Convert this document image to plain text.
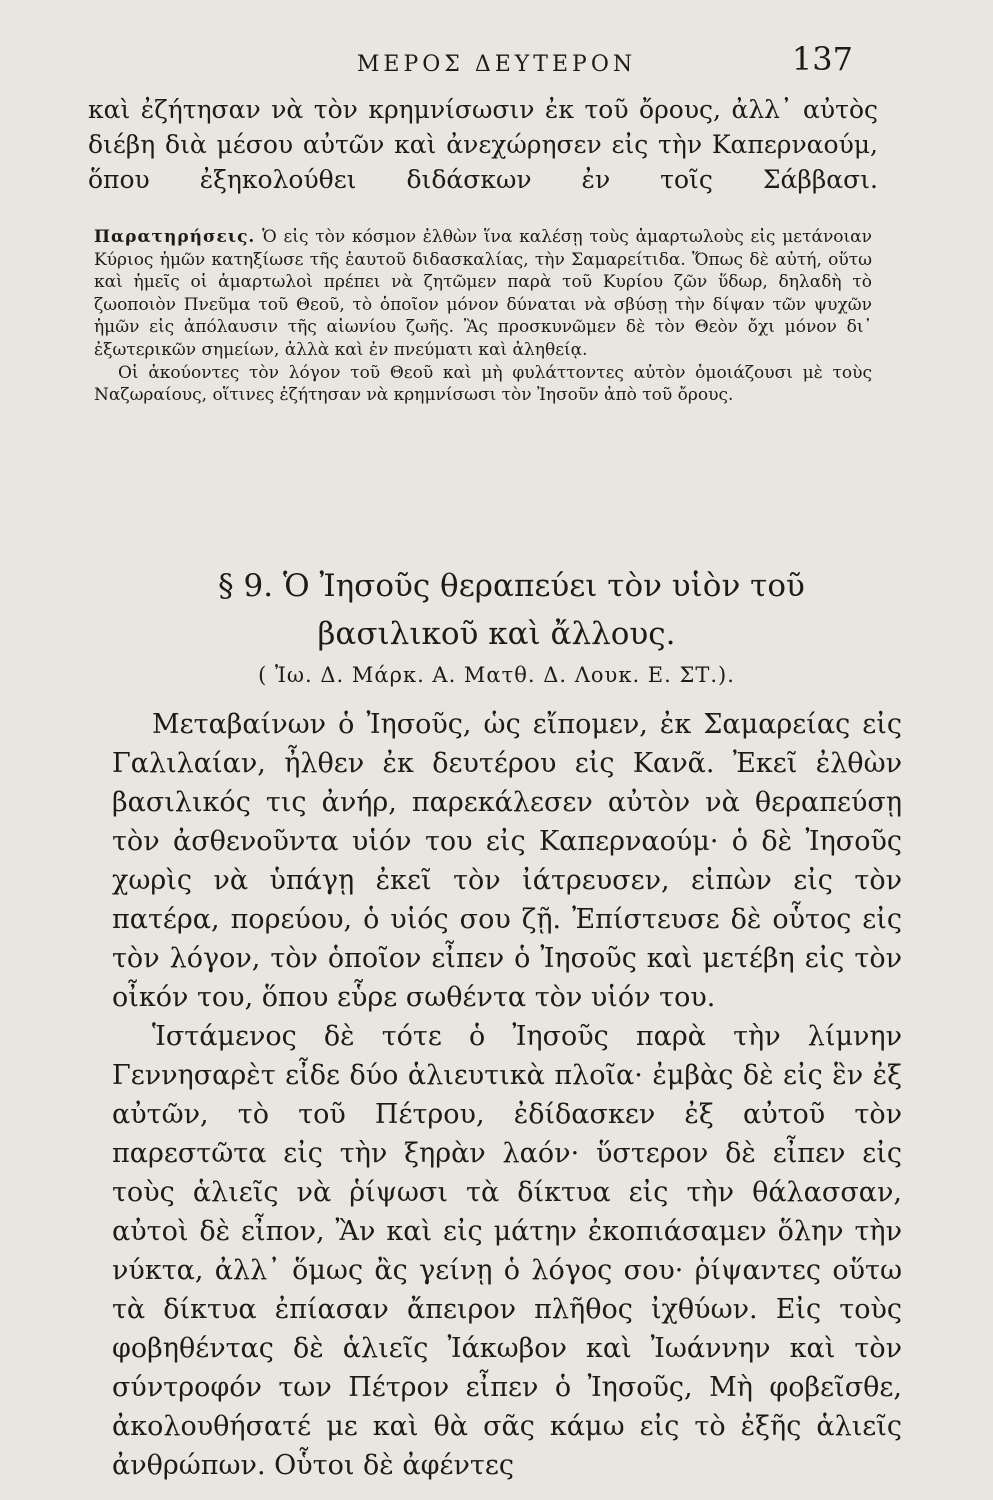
ΜΕΡΟΣ ΔΕΥΤΕΡΟΝ	137
καὶ ἐζήτησαν νὰ τὸν κρημνίσωσιν ἐκ τοῦ ὄρους, ἀλλ᾽ αὐτὸς διέβη διὰ μέσου αὐτῶν καὶ ἀνεχώρησεν εἰς τὴν Καπερναούμ, ὅπου ἐξηκολούθει διδάσκων ἐν τοῖς Σάββασι.

Παρατηρήσεις. Ὁ εἰς τὸν κόσμον ἐλθὼν ἵνα καλέσῃ τοὺς ἁμαρτωλοὺς εἰς μετάνοιαν Κύριος ἡμῶν κατηξίωσε τῆς ἑαυτοῦ διδασκαλίας, τὴν Σαμαρείτιδα. Ὅπως δὲ αὐτή, οὕτω καὶ ἡμεῖς οἱ ἁμαρτωλοὶ πρέπει νὰ ζητῶμεν παρὰ τοῦ Κυρίου ζῶν ὕδωρ, δηλαδὴ τὸ ζωοποιὸν Πνεῦμα τοῦ Θεοῦ, τὸ ὁποῖον μόνον δύναται νὰ σβύσῃ τὴν δίψαν τῶν ψυχῶν ἡμῶν εἰς ἀπόλαυσιν τῆς αἰωνίου ζωῆς. Ἂς προσκυνῶμεν δὲ τὸν Θεὸν ὄχι μόνον δι᾽ ἐξωτερικῶν σημείων, ἀλλὰ καὶ ἐν πνεύματι καὶ ἀληθείᾳ.

Οἱ ἀκούοντες τὸν λόγον τοῦ Θεοῦ καὶ μὴ φυλάττοντες αὐτὸν ὁμοιάζουσι μὲ τοὺς Ναζωραίους, οἵτινες ἐζήτησαν νὰ κρημνίσωσι τὸν Ἰησοῦν ἀπὸ τοῦ ὄρους.

§ 9. Ὁ Ἰησοῦς θεραπεύει τὸν υἱὸν τοῦ
βασιλικοῦ καὶ ἄλλους.
( Ἰω. Δ. Μάρκ. Α. Ματθ. Δ. Λουκ. Ε. ΣΤ.).

Μεταβαίνων ὁ Ἰησοῦς, ὡς εἴπομεν, ἐκ Σαμαρείας εἰς Γαλιλαίαν, ἦλθεν ἐκ δευτέρου εἰς Κανᾶ. Ἐκεῖ ἐλθὼν βασιλικός τις ἀνήρ, παρεκάλεσεν αὐτὸν νὰ θεραπεύσῃ τὸν ἀσθενοῦντα υἱόν του εἰς Καπερναούμ· ὁ δὲ Ἰησοῦς χωρὶς νὰ ὑπάγῃ ἐκεῖ τὸν ἰάτρευσεν, εἰπὼν εἰς τὸν πατέρα, πορεύου, ὁ υἱός σου ζῇ. Ἐπίστευσε δὲ οὗτος εἰς τὸν λόγον, τὸν ὁποῖον εἶπεν ὁ Ἰησοῦς καὶ μετέβη εἰς τὸν οἶκόν του, ὅπου εὗρε σωθέντα τὸν υἱόν του.

Ἱστάμενος δὲ τότε ὁ Ἰησοῦς παρὰ τὴν λίμνην Γεννησαρὲτ εἶδε δύο ἁλιευτικὰ πλοῖα· ἐμβὰς δὲ εἰς ἓν ἐξ αὐτῶν, τὸ τοῦ Πέτρου, ἐδίδασκεν ἐξ αὐτοῦ τὸν παρεστῶτα εἰς τὴν ξηρὰν λαόν· ὕστερον δὲ εἶπεν εἰς τοὺς ἁλιεῖς νὰ ῥίψωσι τὰ δίκτυα εἰς τὴν θάλασσαν, αὐτοὶ δὲ εἶπον, Ἂν καὶ εἰς μάτην ἐκοπιάσαμεν ὅλην τὴν νύκτα, ἀλλ᾽ ὅμως ἂς γείνῃ ὁ λόγος σου· ῥίψαντες οὕτω τὰ δίκτυα ἐπίασαν ἄπειρον πλῆθος ἰχθύων. Εἰς τοὺς φοβηθέντας δὲ ἁλιεῖς Ἰάκωβον καὶ Ἰωάννην καὶ τὸν σύντροφόν των Πέτρον εἶπεν ὁ Ἰησοῦς, Μὴ φοβεῖσθε, ἀκολουθήσατέ με καὶ θὰ σᾶς κάμω εἰς τὸ ἐξῆς ἁλιεῖς ἀνθρώπων. Οὗτοι δὲ ἀφέντες
